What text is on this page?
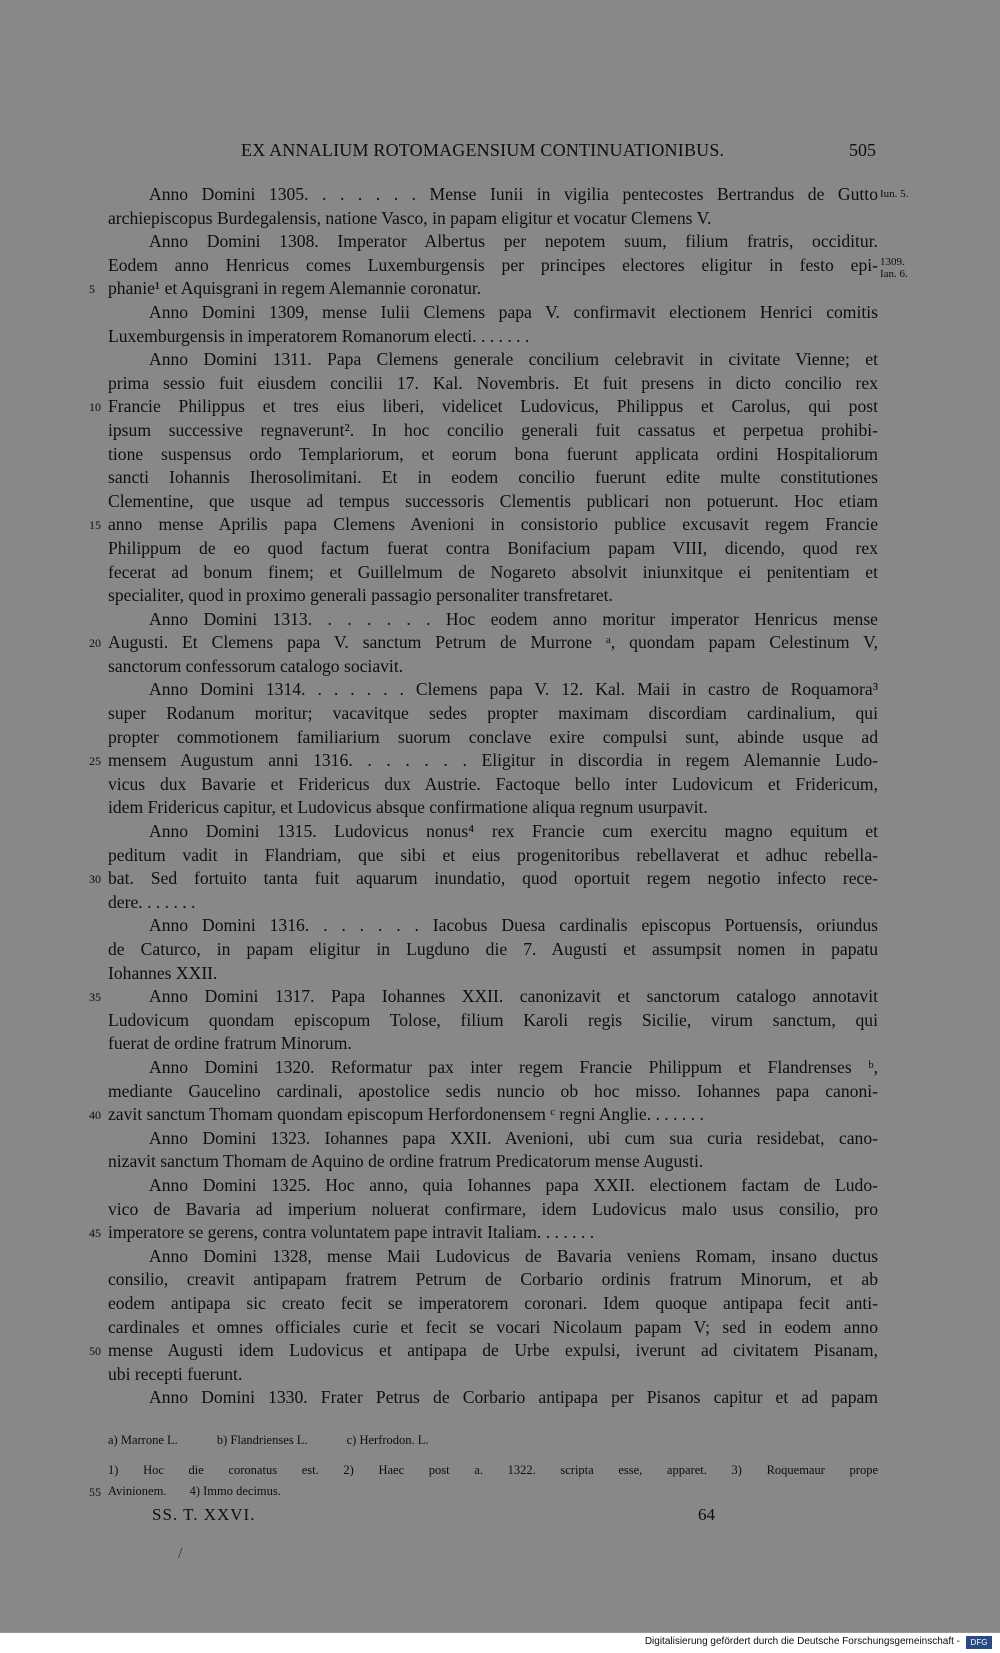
EX ANNALIUM ROTOMAGENSIUM CONTINUATIONIBUS.	505
Anno Domini 1305. . . . . . . Mense Iunii in vigilia pentecostes Bertrandus de Gutto Iun. 5.
archiepiscopus Burdegalensis, natione Vasco, in papam eligitur et vocatur Clemens V.
Anno Domini 1308. Imperator Albertus per nepotem suum, filium fratris, occiditur.
Eodem anno Henricus comes Luxemburgensis per principes electores eligitur in festo epi- 1309. Ian. 6.
5 phanie¹ et Aquisgrani in regem Alemannie coronatur.
Anno Domini 1309, mense Iulii Clemens papa V. confirmavit electionem Henrici comitis
Luxemburgensis in imperatorem Romanorum electi. . . . . . .
Anno Domini 1311. Papa Clemens generale concilium celebravit in civitate Vienne; et
prima sessio fuit eiusdem concilii 17. Kal. Novembris. Et fuit presens in dicto concilio rex
10 Francie Philippus et tres eius liberi, videlicet Ludovicus, Philippus et Carolus, qui post
ipsum successive regnaverunt². In hoc concilio generali fuit cassatus et perpetua prohibi-
tione suspensus ordo Templariorum, et eorum bona fuerunt applicata ordini Hospitaliorum
sancti Iohannis Iherosolimitani. Et in eodem concilio fuerunt edite multe constitutiones
Clementine, que usque ad tempus successoris Clementis publicari non potuerunt. Hoc etiam
15 anno mense Aprilis papa Clemens Avenioni in consistorio publice excusavit regem Francie
Philippum de eo quod factum fuerat contra Bonifacium papam VIII, dicendo, quod rex
fecerat ad bonum finem; et Guillelmum de Nogareto absolvit iniunxitque ei penitentiam et
specialiter, quod in proximo generali passagio personaliter transfretaret.
Anno Domini 1313. . . . . . . Hoc eodem anno moritur imperator Henricus mense
20 Augusti. Et Clemens papa V. sanctum Petrum de Murrone ᵃ, quondam papam Celestinum V,
sanctorum confessorum catalogo sociavit.
Anno Domini 1314. . . . . . . Clemens papa V. 12. Kal. Maii in castro de Roquamora³
super Rodanum moritur; vacavitque sedes propter maximam discordiam cardinalium, qui
propter commotionem familiarium suorum conclave exire compulsi sunt, abinde usque ad
25 mensem Augustum anni 1316. . . . . . . Eligitur in discordia in regem Alemannie Ludo-
vicus dux Bavarie et Fridericus dux Austrie. Factoque bello inter Ludovicum et Fridericum,
idem Fridericus capitur, et Ludovicus absque confirmatione aliqua regnum usurpavit.
Anno Domini 1315. Ludovicus nonus⁴ rex Francie cum exercitu magno equitum et
peditum vadit in Flandriam, que sibi et eius progenitoribus rebellaverat et adhuc rebella-
30 bat. Sed fortuito tanta fuit aquarum inundatio, quod oportuit regem negotio infecto rece-
dere. . . . . . .
Anno Domini 1316. . . . . . . Iacobus Duesa cardinalis episcopus Portuensis, oriundus
de Caturco, in papam eligitur in Lugduno die 7. Augusti et assumpsit nomen in papatu
Iohannes XXII.
35	Anno Domini 1317. Papa Iohannes XXII. canonizavit et sanctorum catalogo annotavit
Ludovicum quondam episcopum Tolose, filium Karoli regis Sicilie, virum sanctum, qui
fuerat de ordine fratrum Minorum.
Anno Domini 1320. Reformatur pax inter regem Francie Philippum et Flandrenses ᵇ,
mediante Gaucelino cardinali, apostolice sedis nuncio ob hoc misso. Iohannes papa canoni-
40 zavit sanctum Thomam quondam episcopum Herfordonensem ᶜ regni Anglie. . . . . . .
Anno Domini 1323. Iohannes papa XXII. Avenioni, ubi cum sua curia residebat, cano-
nizavit sanctum Thomam de Aquino de ordine fratrum Predicatorum mense Augusti.
Anno Domini 1325. Hoc anno, quia Iohannes papa XXII. electionem factam de Ludo-
vico de Bavaria ad imperium noluerat confirmare, idem Ludovicus malo usus consilio, pro
45 imperatore se gerens, contra voluntatem pape intravit Italiam. . . . . . .
Anno Domini 1328, mense Maii Ludovicus de Bavaria veniens Romam, insano ductus
consilio, creavit antipapam fratrem Petrum de Corbario ordinis fratrum Minorum, et ab
eodem antipapa sic creato fecit se imperatorem coronari. Idem quoque antipapa fecit anti-
cardinales et omnes officiales curie et fecit se vocari Nicolaum papam V; sed in eodem anno
50 mense Augusti idem Ludovicus et antipapa de Urbe expulsi, iverunt ad civitatem Pisanam,
ubi recepti fuerunt.
Anno Domini 1330. Frater Petrus de Corbario antipapa per Pisanos capitur et ad papam
a) Marrone L.	b) Flandrienses L.	c) Herfrodon. L.
1) Hoc die coronatus est. 2) Haec post a. 1322. scripta esse, apparet. 3) Roquemaur prope
55 Avinionem. 4) Immo decimus.
SS. T. XXVI.	64
/
Digitalisierung gefördert durch die Deutsche Forschungsgemeinschaft -	DFG
